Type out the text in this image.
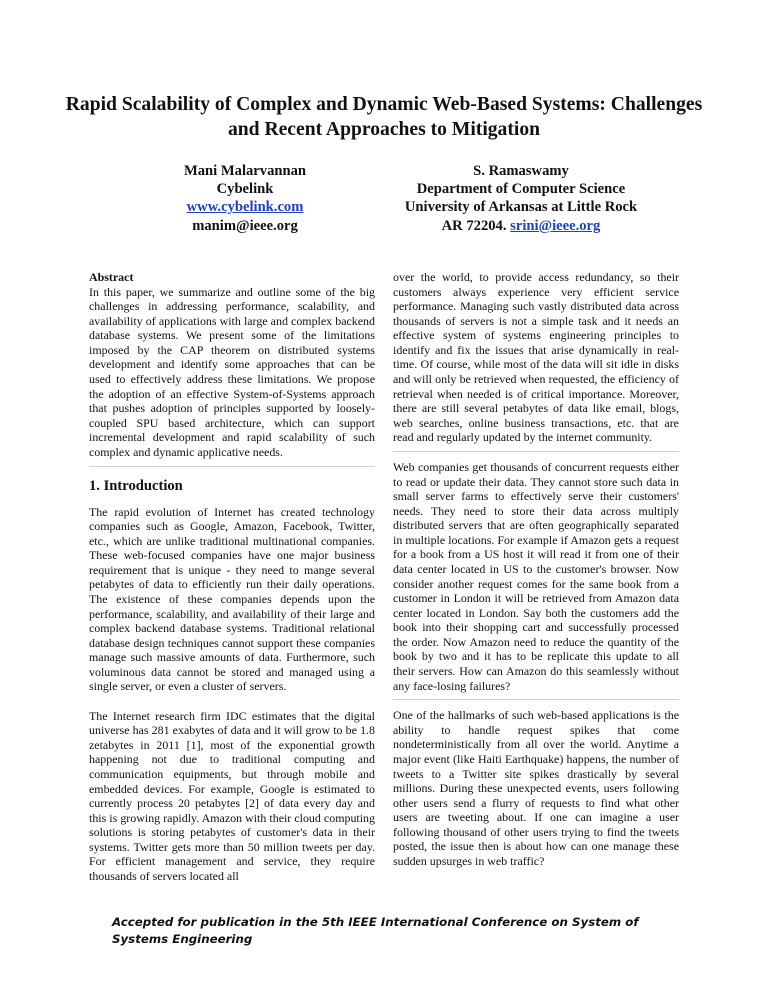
Rapid Scalability of Complex and Dynamic Web-Based Systems: Challenges and Recent Approaches to Mitigation
Mani Malarvannan
Cybelink
www.cybelink.com
manim@ieee.org
S. Ramaswamy
Department of Computer Science
University of Arkansas at Little Rock
AR 72204. srini@ieee.org

Abstract

In this paper, we summarize and outline some of the big challenges in addressing performance, scalability, and availability of applications with large and complex backend database systems. We present some of the limitations imposed by the CAP theorem on distributed systems development and identify some approaches that can be used to effectively address these limitations. We propose the adoption of an effective System-of-Systems approach that pushes adoption of principles supported by loosely-coupled SPU based architecture, which can support incremental development and rapid scalability of such complex and dynamic applicative needs.

1. Introduction

The rapid evolution of Internet has created technology companies such as Google, Amazon, Facebook, Twitter, etc., which are unlike traditional multinational companies. These web-focused companies have one major business requirement that is unique - they need to mange several petabytes of data to efficiently run their daily operations. The existence of these companies depends upon the performance, scalability, and availability of their large and complex backend database systems. Traditional relational database design techniques cannot support these companies manage such massive amounts of data. Furthermore, such voluminous data cannot be stored and managed using a single server, or even a cluster of servers.

The Internet research firm IDC estimates that the digital universe has 281 exabytes of data and it will grow to be 1.8 zetabytes in 2011 [1], most of the exponential growth happening not due to traditional computing and communication equipments, but through mobile and embedded devices. For example, Google is estimated to currently process 20 petabytes [2] of data every day and this is growing rapidly. Amazon with their cloud computing solutions is storing petabytes of customer's data in their systems. Twitter gets more than 50 million tweets per day. For efficient management and service, they require thousands of servers located all

over the world, to provide access redundancy, so their customers always experience very efficient service performance. Managing such vastly distributed data across thousands of servers is not a simple task and it needs an effective system of systems engineering principles to identify and fix the issues that arise dynamically in real-time. Of course, while most of the data will sit idle in disks and will only be retrieved when requested, the efficiency of retrieval when needed is of critical importance. Moreover, there are still several petabytes of data like email, blogs, web searches, online business transactions, etc. that are read and regularly updated by the internet community.

Web companies get thousands of concurrent requests either to read or update their data. They cannot store such data in small server farms to effectively serve their customers' needs. They need to store their data across multiply distributed servers that are often geographically separated in multiple locations. For example if Amazon gets a request for a book from a US host it will read it from one of their data center located in US to the customer's browser. Now consider another request comes for the same book from a customer in London it will be retrieved from Amazon data center located in London. Say both the customers add the book into their shopping cart and successfully processed the order. Now Amazon need to reduce the quantity of the book by two and it has to be replicate this update to all their servers. How can Amazon do this seamlessly without any face-losing failures?

One of the hallmarks of such web-based applications is the ability to handle request spikes that come nondeterministically from all over the world. Anytime a major event (like Haiti Earthquake) happens, the number of tweets to a Twitter site spikes drastically by several millions. During these unexpected events, users following other users send a flurry of requests to find what other users are tweeting about. If one can imagine a user following thousand of other users trying to find the tweets posted, the issue then is about how can one manage these sudden upsurges in web traffic?

Accepted for publication in the 5th IEEE International Conference on System of Systems Engineering
